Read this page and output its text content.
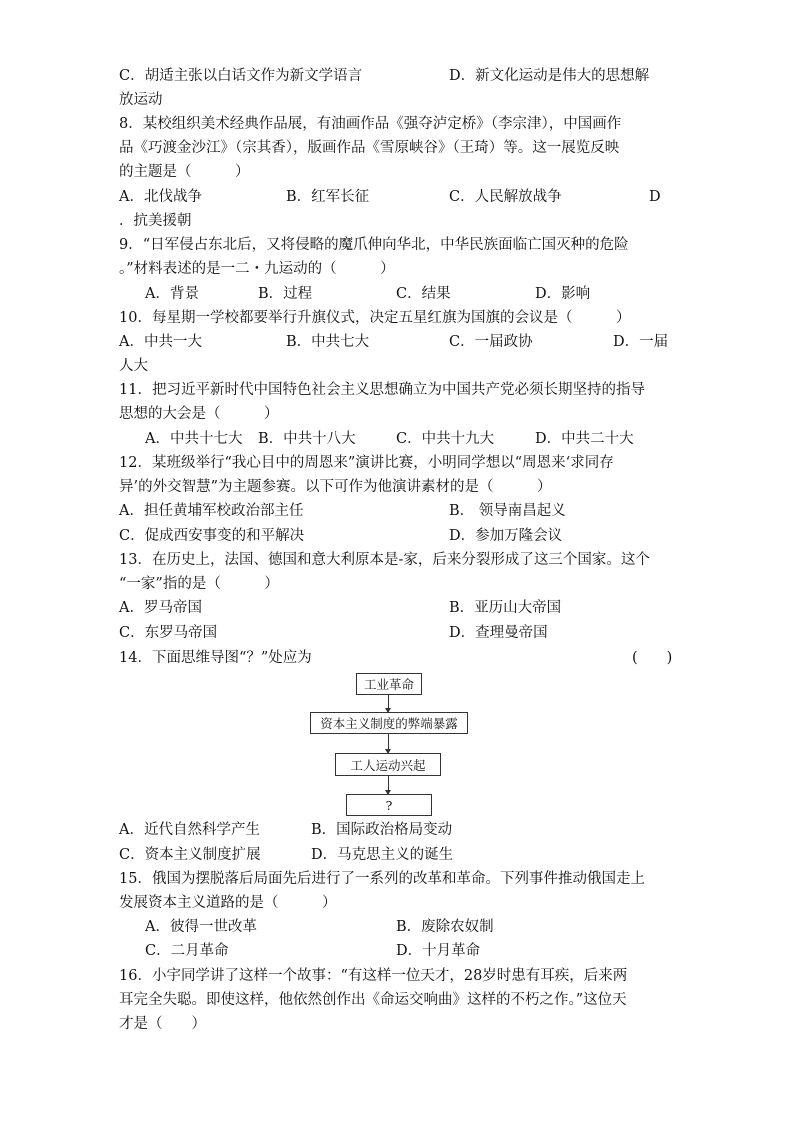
C．胡适主张以白话文作为新文学语言	D．新文化运动是伟大的思想解
放运动
8．某校组织美术经典作品展，有油画作品《强夺泸定桥》（李宗津），中国画作
品《巧渡金沙江》（宗其香），版画作品《雪原峡谷》（王琦）等。这一展览反映
的主题是（　　　）
A．北伐战争	B．红军长征	C．人民解放战争	D
．抗美援朝
9．“日军侵占东北后，又将侵略的魔爪伸向华北，中华民族面临亡国灭种的危险
。”材料表述的是一二・九运动的（　　　）
A．背景	B．过程	C．结果	D．影响
10．每星期一学校都要举行升旗仪式，决定五星红旗为国旗的会议是（　　　）
A．中共一大	B．中共七大	C．一届政协	D．一届
人大
11．把习近平新时代中国特色社会主义思想确立为中国共产党必须长期坚持的指导
思想的大会是（　　　）
A．中共十七大 B．中共十八大	C．中共十九大	D．中共二十大
12．某班级举行“我心目中的周恩来”演讲比赛，小明同学想以“周恩来‘求同存
异’的外交智慧”为主题参赛。以下可作为他演讲素材的是（　　　）
A．担任黄埔军校政治部主任	B． 领导南昌起义
C．促成西安事变的和平解决	D．参加万隆会议
13．在历史上，法国、德国和意大利原本是-家，后来分裂形成了这三个国家。这个
“一家”指的是（　　　）
A．罗马帝国	B．亚历山大帝国
C．东罗马帝国	D．查理曼帝国
14．下面思维导图“？”处应为	(　　)
工业革命
资本主义制度的弊端暴露
工人运动兴起
?
A．近代自然科学产生	B．国际政治格局变动
C．资本主义制度扩展	D．马克思主义的诞生
15．俄国为摆脱落后局面先后进行了一系列的改革和革命。下列事件推动俄国走上
发展资本主义道路的是（　　　）
A．彼得一世改革	B．废除农奴制
C．二月革命	D．十月革命
16．小宇同学讲了这样一个故事：“有这样一位天才，28岁时患有耳疾，后来两
耳完全失聪。即使这样，他依然创作出《命运交响曲》这样的不朽之作。”这位天
才是（　　）
